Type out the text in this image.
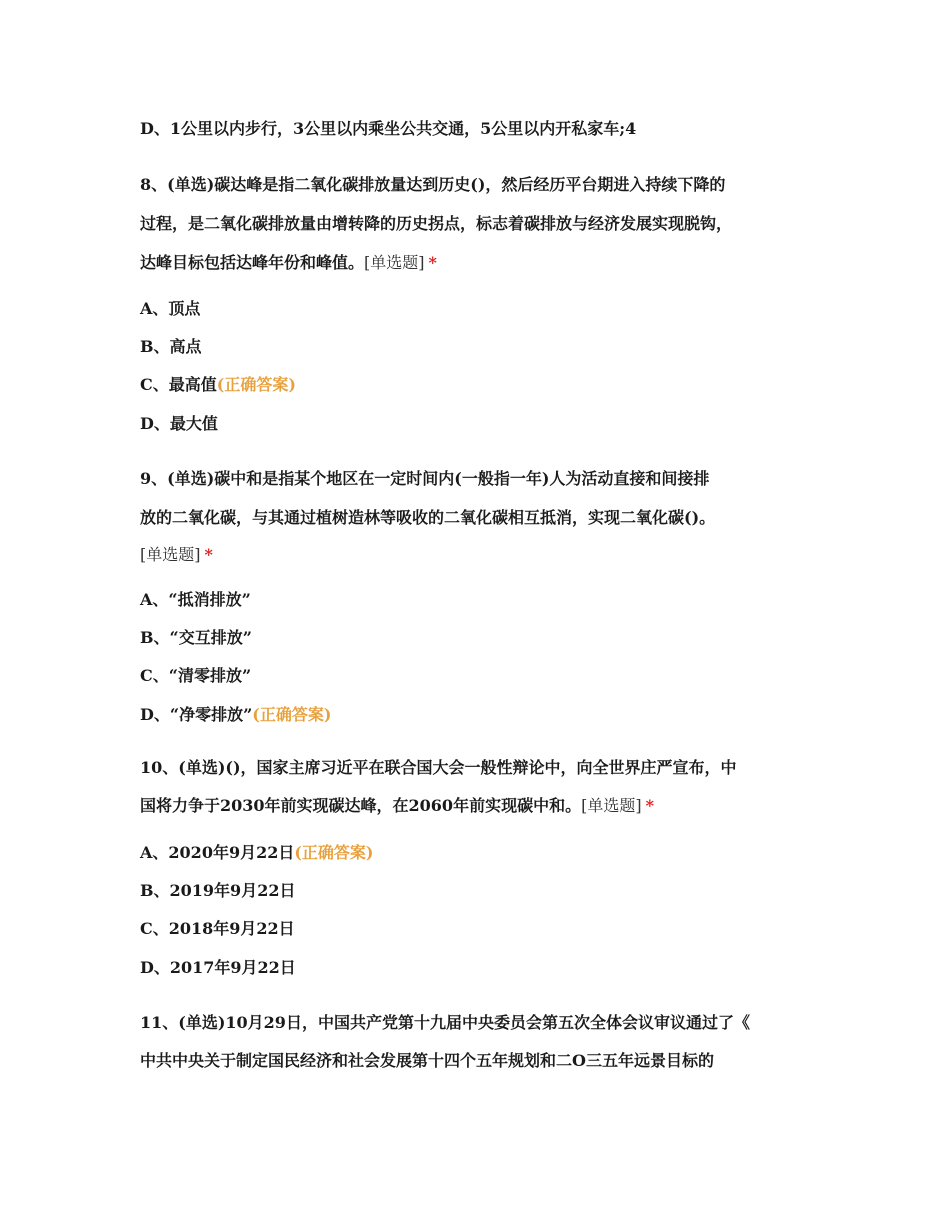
D、1公里以内步行，3公里以内乘坐公共交通，5公里以内开私家车;4
8、(单选)碳达峰是指二氧化碳排放量达到历史()，然后经历平台期进入持续下降的
过程，是二氧化碳排放量由增转降的历史拐点，标志着碳排放与经济发展实现脱钩，
达峰目标包括达峰年份和峰值。[单选题] *
A、顶点
B、高点
C、最高值(正确答案)
D、最大值
9、(单选)碳中和是指某个地区在一定时间内(一般指一年)人为活动直接和间接排
放的二氧化碳，与其通过植树造林等吸收的二氧化碳相互抵消，实现二氧化碳()。
[单选题] *
A、“抵消排放”
B、“交互排放”
C、“清零排放”
D、“净零排放”(正确答案)
10、(单选)()，国家主席习近平在联合国大会一般性辩论中，向全世界庄严宣布，中
国将力争于2030年前实现碳达峰，在2060年前实现碳中和。[单选题] *
A、2020年9月22日(正确答案)
B、2019年9月22日
C、2018年9月22日
D、2017年9月22日
11、(单选)10月29日，中国共产党第十九届中央委员会第五次全体会议审议通过了《
中共中央关于制定国民经济和社会发展第十四个五年规划和二O三五年远景目标的
